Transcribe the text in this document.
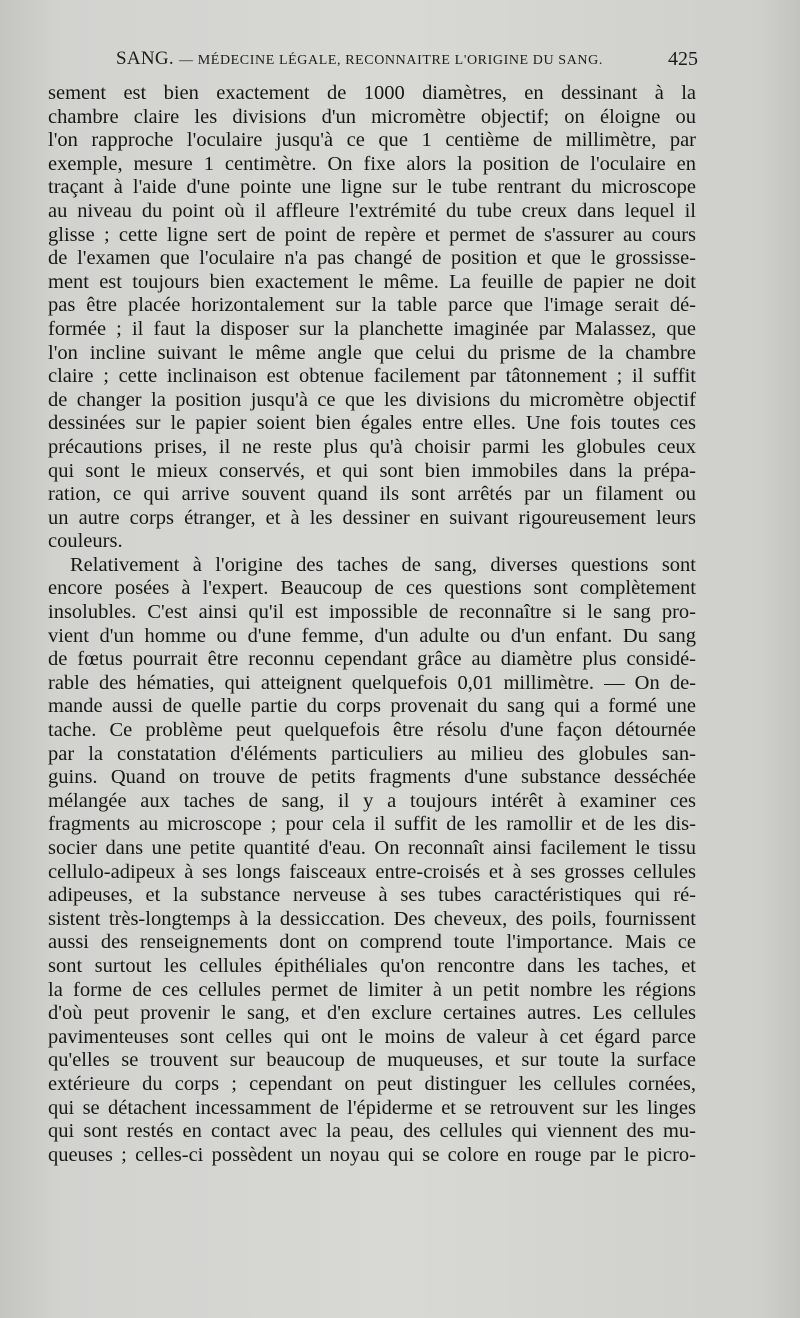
SANG. — MÉDECINE LÉGALE, RECONNAITRE L'ORIGINE DU SANG.	425

sement est bien exactement de 1000 diamètres, en dessinant à la
chambre claire les divisions d'un micromètre objectif; on éloigne ou
l'on rapproche l'oculaire jusqu'à ce que 1 centième de millimètre, par
exemple, mesure 1 centimètre. On fixe alors la position de l'oculaire en
traçant à l'aide d'une pointe une ligne sur le tube rentrant du microscope
au niveau du point où il affleure l'extrémité du tube creux dans lequel il
glisse ; cette ligne sert de point de repère et permet de s'assurer au cours
de l'examen que l'oculaire n'a pas changé de position et que le grossisse-
ment est toujours bien exactement le même. La feuille de papier ne doit
pas être placée horizontalement sur la table parce que l'image serait dé-
formée ; il faut la disposer sur la planchette imaginée par Malassez, que
l'on incline suivant le même angle que celui du prisme de la chambre
claire ; cette inclinaison est obtenue facilement par tâtonnement ; il suffit
de changer la position jusqu'à ce que les divisions du micromètre objectif
dessinées sur le papier soient bien égales entre elles. Une fois toutes ces
précautions prises, il ne reste plus qu'à choisir parmi les globules ceux
qui sont le mieux conservés, et qui sont bien immobiles dans la prépa-
ration, ce qui arrive souvent quand ils sont arrêtés par un filament ou
un autre corps étranger, et à les dessiner en suivant rigoureusement leurs
couleurs.

Relativement à l'origine des taches de sang, diverses questions sont
encore posées à l'expert. Beaucoup de ces questions sont complètement
insolubles. C'est ainsi qu'il est impossible de reconnaître si le sang pro-
vient d'un homme ou d'une femme, d'un adulte ou d'un enfant. Du sang
de fœtus pourrait être reconnu cependant grâce au diamètre plus considé-
rable des hématies, qui atteignent quelquefois 0,01 millimètre. — On de-
mande aussi de quelle partie du corps provenait du sang qui a formé une
tache. Ce problème peut quelquefois être résolu d'une façon détournée
par la constatation d'éléments particuliers au milieu des globules san-
guins. Quand on trouve de petits fragments d'une substance desséchée
mélangée aux taches de sang, il y a toujours intérêt à examiner ces
fragments au microscope ; pour cela il suffit de les ramollir et de les dis-
socier dans une petite quantité d'eau. On reconnaît ainsi facilement le tissu
cellulo-adipeux à ses longs faisceaux entre-croisés et à ses grosses cellules
adipeuses, et la substance nerveuse à ses tubes caractéristiques qui ré-
sistent très-longtemps à la dessiccation. Des cheveux, des poils, fournissent
aussi des renseignements dont on comprend toute l'importance. Mais ce
sont surtout les cellules épithéliales qu'on rencontre dans les taches, et
la forme de ces cellules permet de limiter à un petit nombre les régions
d'où peut provenir le sang, et d'en exclure certaines autres. Les cellules
pavimenteuses sont celles qui ont le moins de valeur à cet égard parce
qu'elles se trouvent sur beaucoup de muqueuses, et sur toute la surface
extérieure du corps ; cependant on peut distinguer les cellules cornées,
qui se détachent incessamment de l'épiderme et se retrouvent sur les linges
qui sont restés en contact avec la peau, des cellules qui viennent des mu-
queuses ; celles-ci possèdent un noyau qui se colore en rouge par le picro-
